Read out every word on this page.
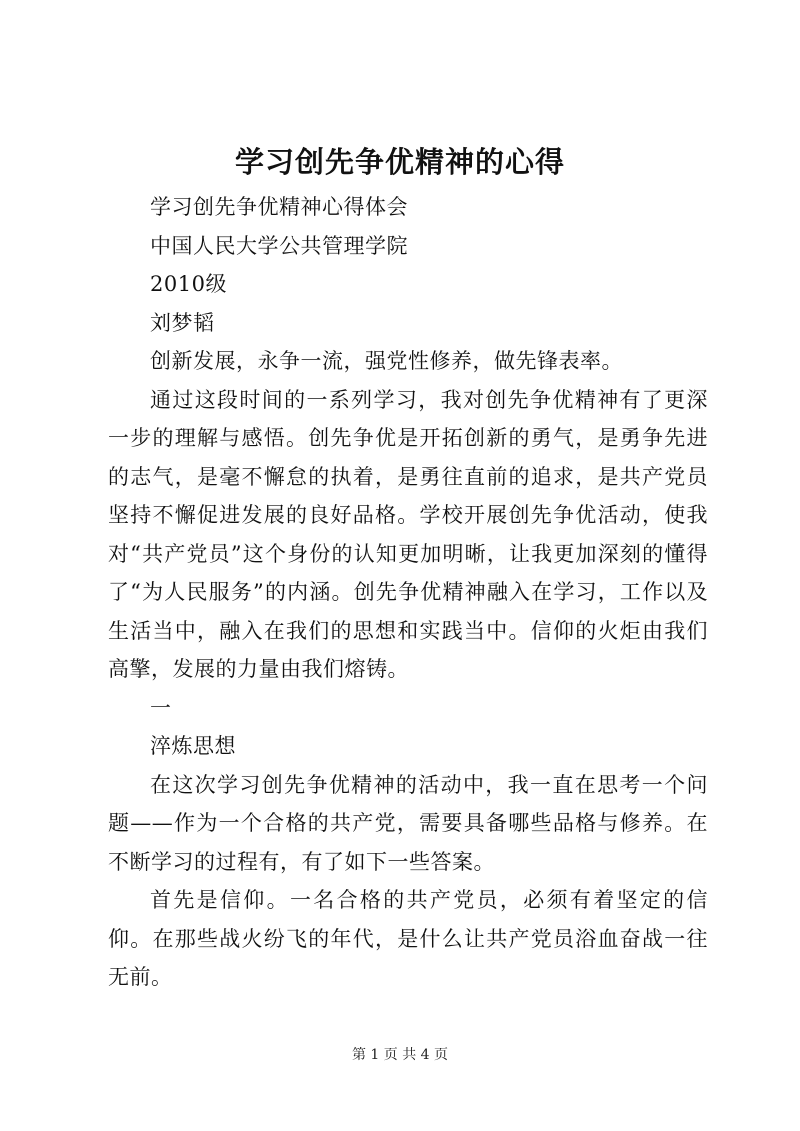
学习创先争优精神的心得

学习创先争优精神心得体会

中国人民大学公共管理学院

2010级

刘梦韬

创新发展，永争一流，强党性修养，做先锋表率。

通过这段时间的一系列学习，我对创先争优精神有了更深一步的理解与感悟。创先争优是开拓创新的勇气，是勇争先进的志气，是毫不懈怠的执着，是勇往直前的追求，是共产党员坚持不懈促进发展的良好品格。学校开展创先争优活动，使我对“共产党员”这个身份的认知更加明晰，让我更加深刻的懂得了“为人民服务”的内涵。创先争优精神融入在学习，工作以及生活当中，融入在我们的思想和实践当中。信仰的火炬由我们高擎，发展的力量由我们熔铸。

一

淬炼思想

在这次学习创先争优精神的活动中，我一直在思考一个问题——作为一个合格的共产党，需要具备哪些品格与修养。在不断学习的过程有，有了如下一些答案。

首先是信仰。一名合格的共产党员，必须有着坚定的信仰。在那些战火纷飞的年代，是什么让共产党员浴血奋战一往无前。

第 1 页 共 4 页
